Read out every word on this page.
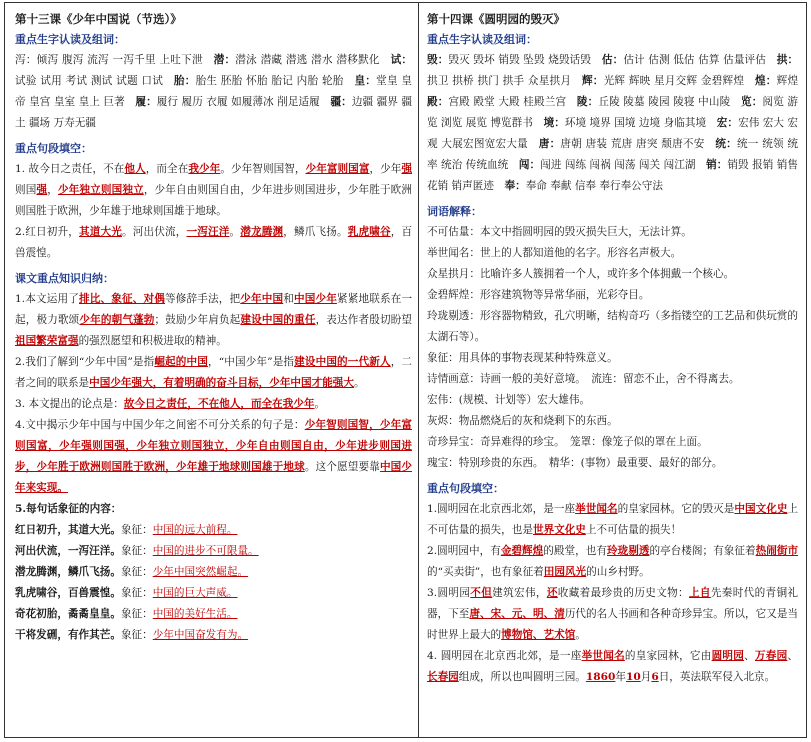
第十三课《少年中国说（节选）》
重点生字认读及组词：
泻：倾泻 腹泻 流泻 一泻千里 上吐下泄　潜：潜泳 潜藏 潜逃 潜水 潜移默化　试：试验 试用 考试 测试 试题 口试　胎：胎生 胚胎 怀胎 胎记 内胎 轮胎　皇：堂皇 皇帝 皇宫 皇室 皇上 巨著　履：履行 履历 衣履 如履薄冰 削足适履　疆：边疆 疆界 疆土 疆场 万寿无疆
重点句段填空：
1. 故今日之责任，不在他人，而全在我少年。少年智则国智，少年富则国富，少年强则国强，少年独立则国独立，少年自由则国自由，少年进步则国进步，少年胜于欧洲则国胜于欧洲，少年雄于地球则国雄于地球。
2.红日初升，其道大光。河出伏流，一泻汪洋。潜龙腾渊，鳞爪飞扬。乳虎啸谷，百兽震惶。
课文重点知识归纳：
1.本文运用了排比、象征、对偶等修辞手法，把少年中国和中国少年紧紧地联系在一起，极力歌颂少年的朝气蓬勃；鼓励少年肩负起建设中国的重任，表达作者殷切盼望祖国繁荣富强的强烈愿望和积极进取的精神。
2.我们了解到“少年中国”是指崛起的中国，“中国少年”是指建设中国的一代新人，二者之间的联系是中国少年强大，有着明确的奋斗目标，少年中国才能强大。
3. 本文提出的论点是：故今日之责任，不在他人，而全在我少年。
4.文中揭示少年中国与中国少年之间密不可分关系的句子是：少年智则国智，少年富则国富，少年强则国强，少年独立则国独立，少年自由则国自由，少年进步则国进步，少年胜于欧洲则国胜于欧洲，少年雄于地球则国雄于地球。这个愿望要靠中国少年来实现。
5.每句话象征的内容：
红日初升，其道大光。象征：中国的远大前程。
河出伏流，一泻汪洋。象征：中国的进步不可限量。
潜龙腾渊，鳞爪飞扬。象征：少年中国突然崛起。
乳虎啸谷，百兽震惶。象征：中国的巨大声威。
奇花初胎，矞矞皇皇。象征：中国的美好生活。
干将发硎，有作其芒。象征：少年中国奋发有为。
第十四课《圆明园的毁灭》
重点生字认读及组词：
毁：毁灭 毁坏 销毁 坠毁 烧毁话毁　估：估计 估测 低估 估算 估量评估　拱：拱卫 拱桥 拱门 拱手 众星拱月　辉：光辉 辉映 星月交辉 金碧辉煌　煌：辉煌　殿：宫殿 殿堂 大殿 桂殿兰宫　陵：丘陵 陵墓 陵园 陵寝 中山陵　览：阅览 游览 浏览 展览 博览群书　境：环境 境界 国境 边境 身临其境　宏：宏伟 宏大 宏观 大展宏图宽宏大量　唐：唐朝 唐装 荒唐 唐突 颓唐不安　统：统一 统领 统率 统治 传统血统　闯：闯进 闯练 闯祸 闯荡 闯关 闯江湖　销：销毁 报销 销售 花销 销声匿迹　奉：奉命 奉献 信奉 奉行奉公守法
词语解释：
不可估量：本文中指圆明园的毁灭损失巨大，无法计算。
举世闻名：世上的人都知道他的名字。形容名声极大。
众星拱月：比喻许多人簇拥着一个人，或许多个体拥戴一个核心。
金碧辉煌：形容建筑物等异常华丽，光彩夺目。
玲珑剔透：形容器物精致，孔穴明晰，结构奇巧（多指镂空的工艺品和供玩赏的太湖石等）。
象征：用具体的事物表现某种特殊意义。
诗情画意：诗画一般的美好意境。　流连：留恋不止，舍不得离去。
宏伟：(规模、计划等）宏大雄伟。
灰烬：物品燃烧后的灰和烧剩下的东西。
奇珍异宝：奇异难得的珍宝。　笼罩：像笼子似的罩在上面。
瑰宝：特别珍贵的东西。　精华：(事物）最重要、最好的部分。
重点句段填空：
1.圆明园在北京西北郊，是一座举世闻名的皇家园林。它的毁灭是中国文化史上不可估量的损失，也是世界文化史上不可估量的损失！
2.圆明园中，有金碧辉煌的殿堂，也有玲珑剔透的亭台楼阁；有象征着热闹街市的“买卖街”，也有象征着田园风光的山乡村野。
3.圆明园不但建筑宏伟，还收藏着最珍贵的历史文物：上自先秦时代的青铜礼器，下至唐、宋、元、明、清历代的名人书画和各种奇珍异宝。所以，它又是当时世界上最大的博物馆、艺术馆。
4. 圆明园在北京西北郊，是一座举世闻名的皇家园林，它由圆明园、万春园、长春园组成，所以也叫圆明三园。1860年10月6日，英法联军侵入北京。
